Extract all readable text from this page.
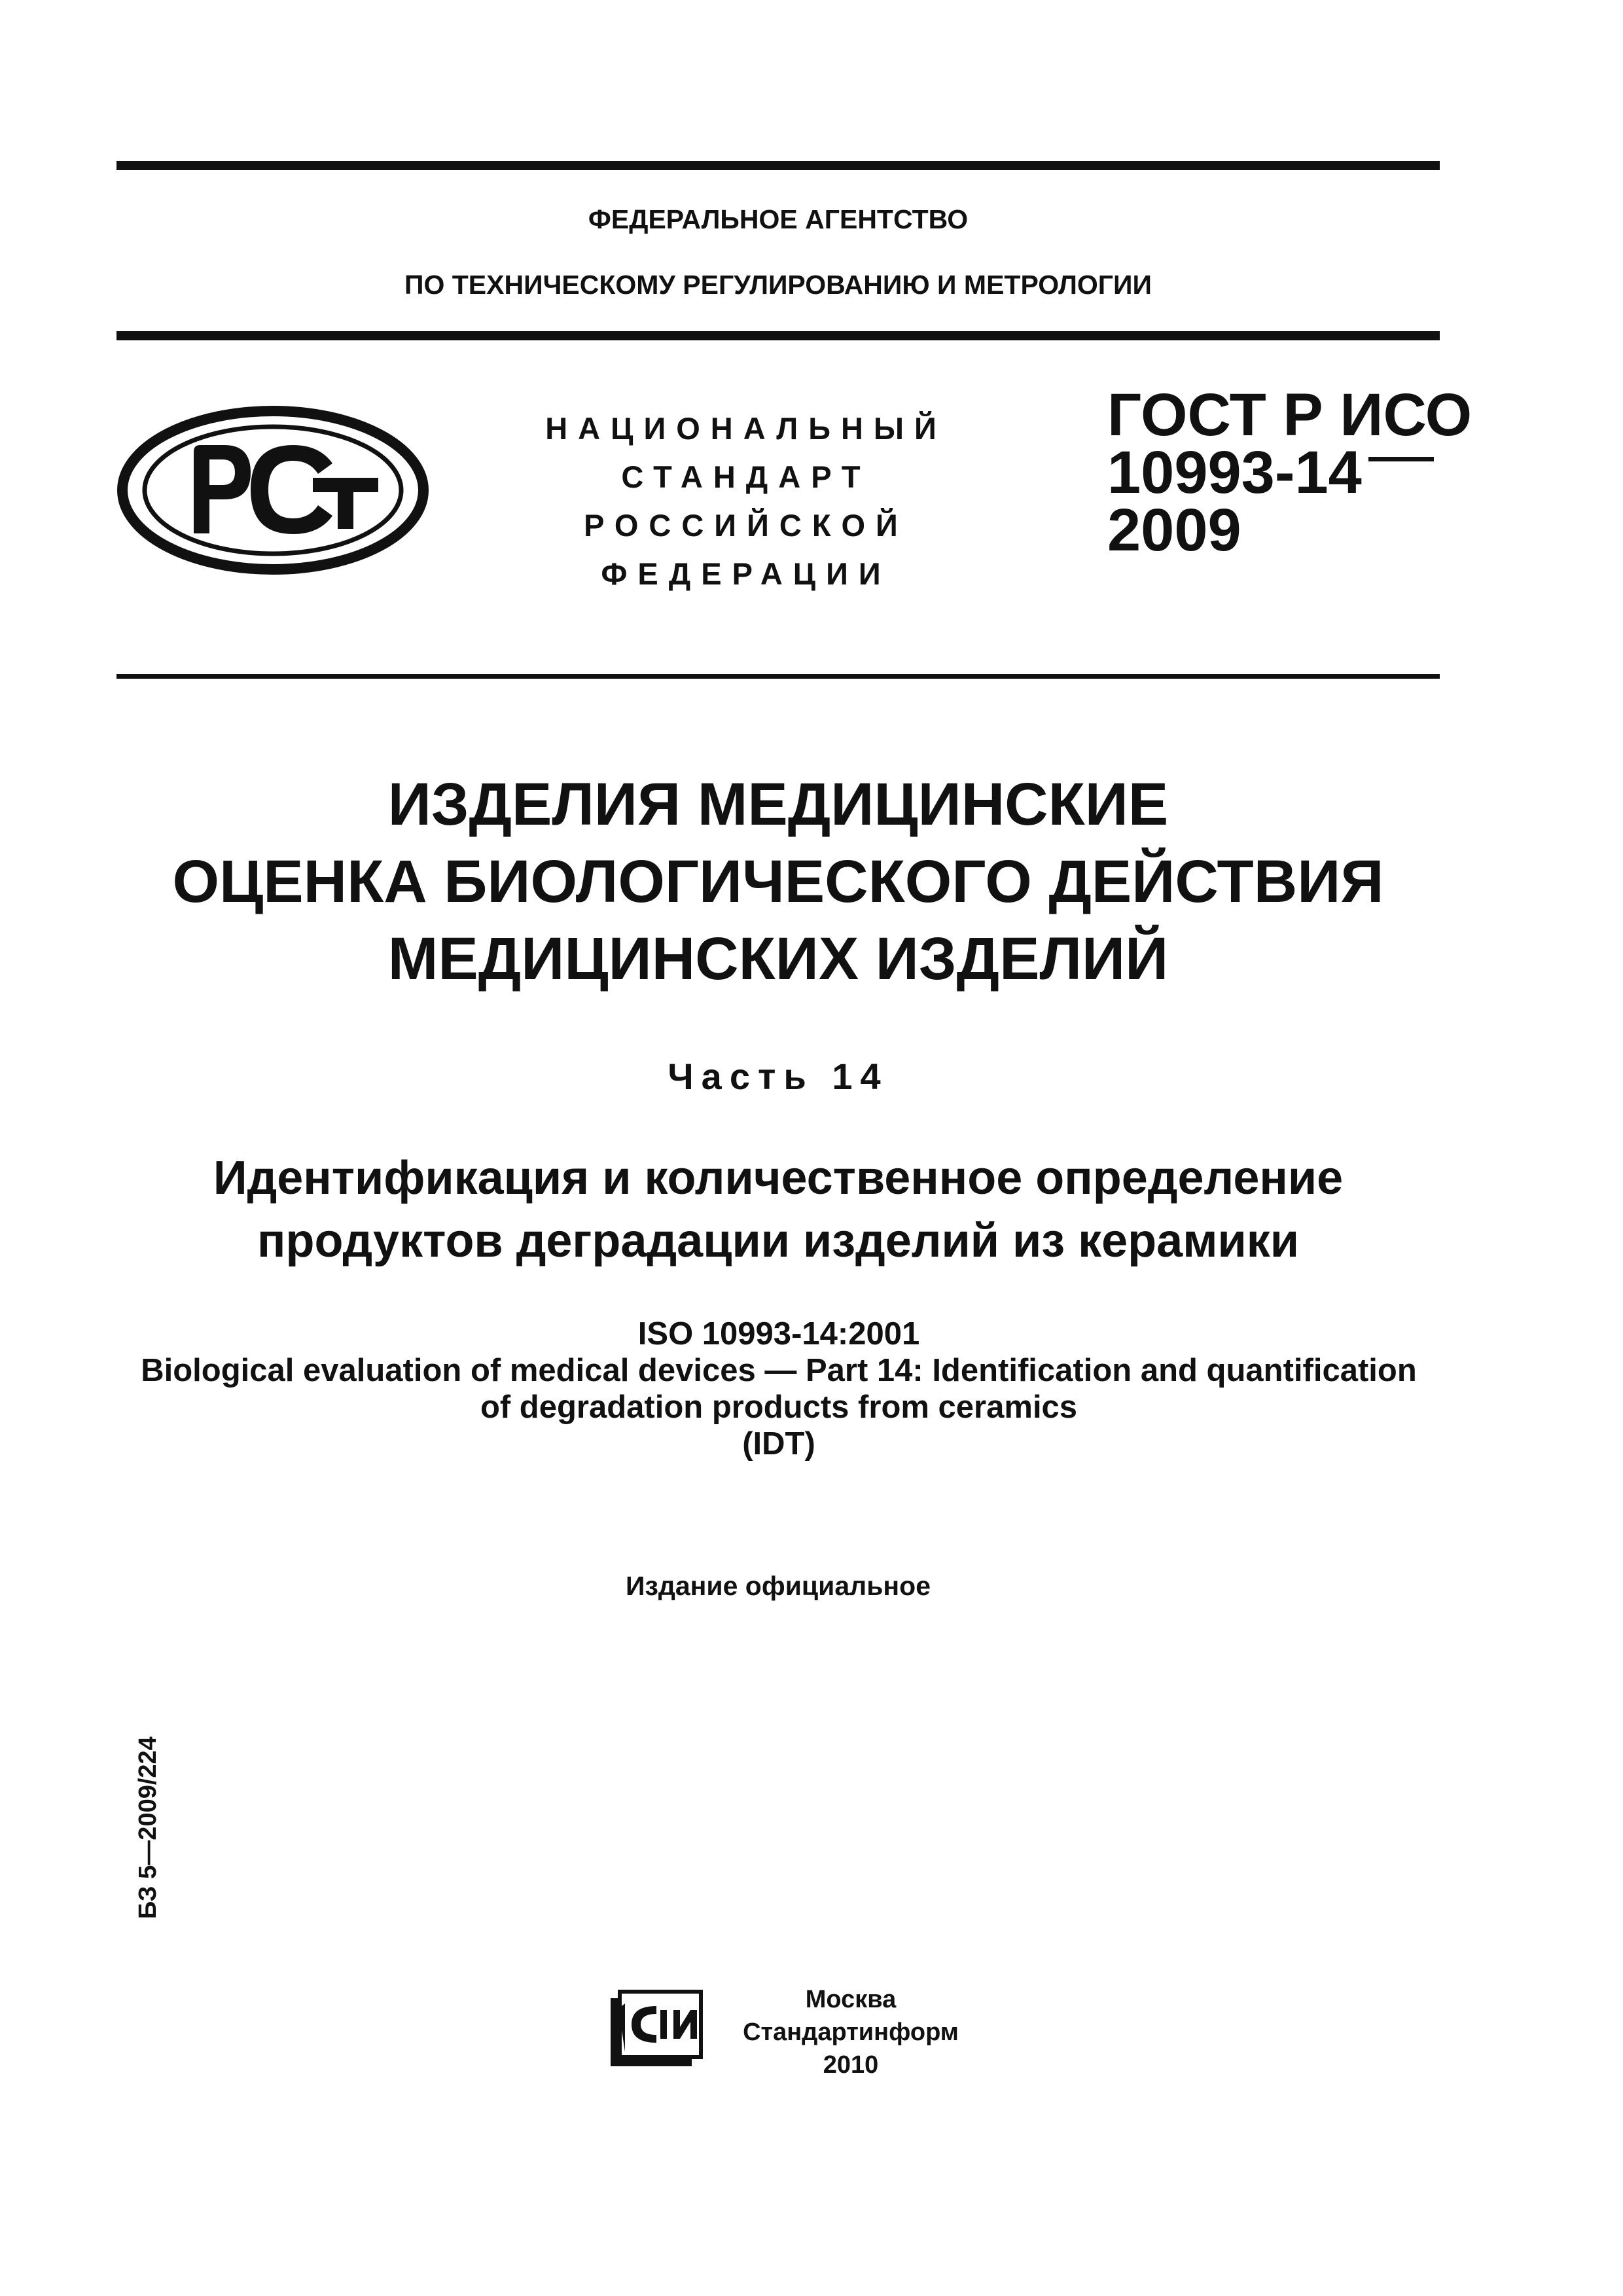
ФЕДЕРАЛЬНОЕ АГЕНТСТВО
ПО ТЕХНИЧЕСКОМУ РЕГУЛИРОВАНИЮ И МЕТРОЛОГИИ
НАЦИОНАЛЬНЫЙ
СТАНДАРТ
РОССИЙСКОЙ
ФЕДЕРАЦИИ
ГОСТ Р ИСО
10993-14
2009
ИЗДЕЛИЯ МЕДИЦИНСКИЕ
ОЦЕНКА БИОЛОГИЧЕСКОГО ДЕЙСТВИЯ
МЕДИЦИНСКИХ ИЗДЕЛИЙ
Часть 14
Идентификация и количественное определение
продуктов деградации изделий из керамики
ISO 10993-14:2001
Biological evaluation of medical devices — Part 14: Identification and quantification
of degradation products from ceramics
(IDT)
Издание официальное
БЗ 5—2009/224
Москва
Стандартинформ
2010
